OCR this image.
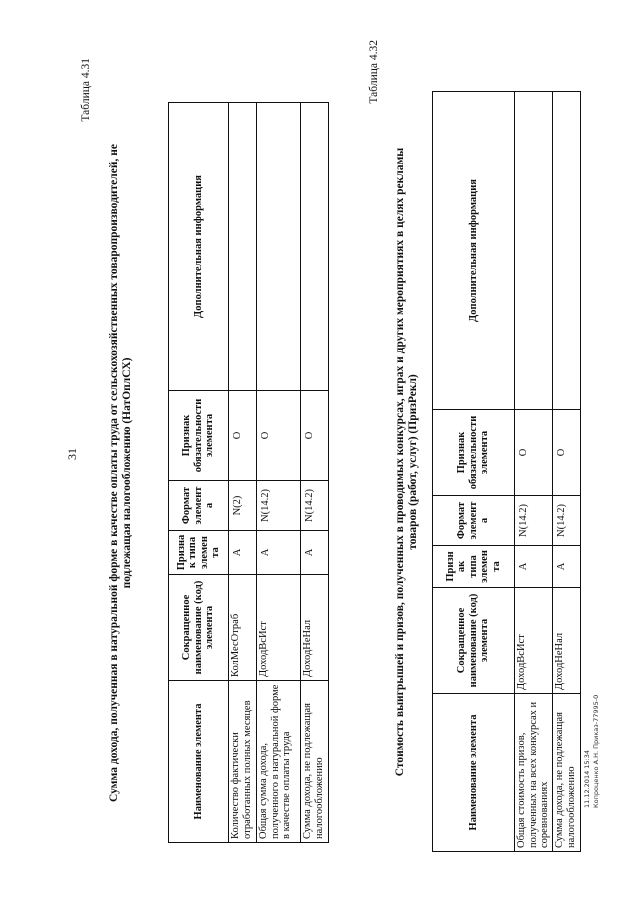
31
Таблица 4.31
Сумма дохода, полученная в натуральной форме в качестве оплаты труда от сельскохозяйственных товаропроизводителей, не подлежащая налогообложению (НатОплСХ)
Наименование элемента	Сокращенное наименование (код) элемента	Признак типа элемента	Формат элемента	Признак обязательности элемента	Дополнительная информация
Количество фактически отработанных полных месяцев	КолМесОтраб	А	N(2)	О	
Общая сумма дохода, полученного в натуральной форме в качестве оплаты труда	ДоходВсИст	А	N(14.2)	О	
Сумма дохода, не подлежащая налогообложению	ДоходНеНал	А	N(14.2)	О	
Таблица 4.32
Стоимость выигрышей и призов, полученных в проводимых конкурсах, играх и других мероприятиях в целях рекламы товаров (работ, услуг) (ПризРекл)
Наименование элемента	Сокращенное наименование (код) элемента	Признак типа элемента	Формат элемента	Признак обязательности элемента	Дополнительная информация
Общая стоимость призов, полученных на всех конкурсах и соревнованиях	ДоходВсИст	А	N(14.2)	О	
Сумма дохода, не подлежащая налогообложению	ДоходНеНал	А	N(14.2)	О	
11.12.2014 15:34 Копроценко А.Н. Приказ-77995-0
